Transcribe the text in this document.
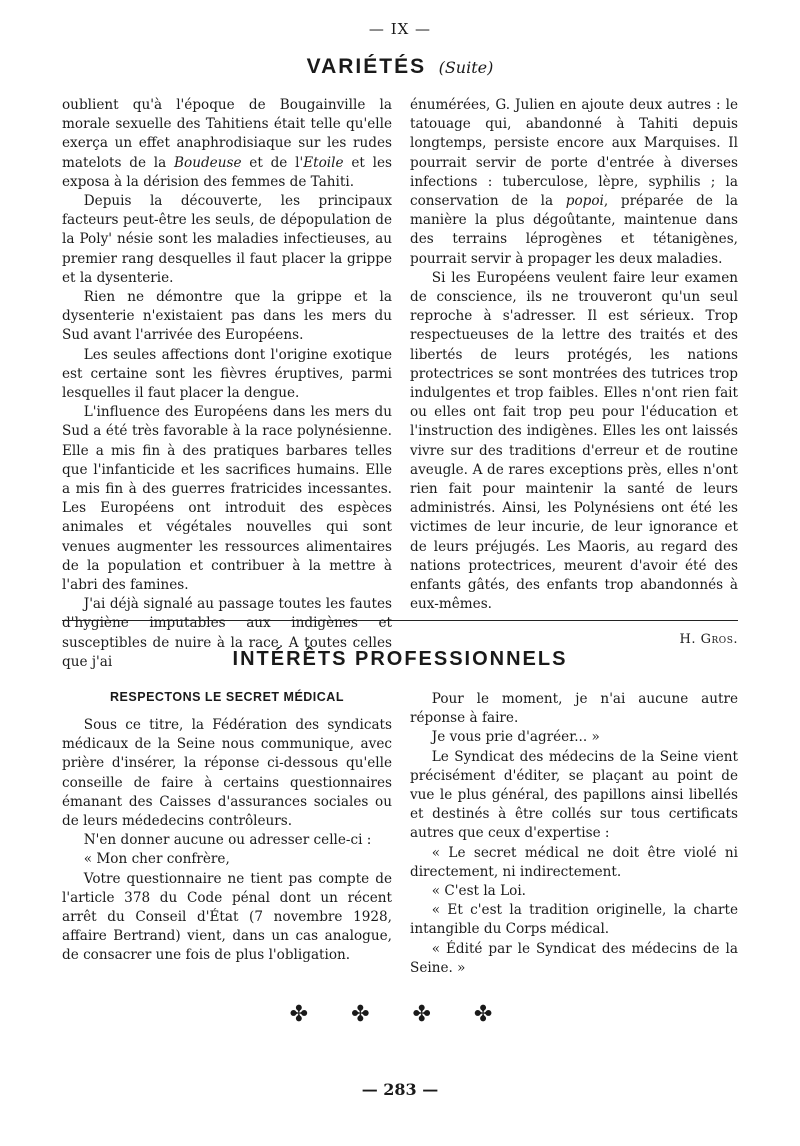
— IX —
VARIÉTÉS (Suite)

oublient qu'à l'époque de Bougainville la morale sexuelle des Tahitiens était telle qu'elle exerça un effet anaphrodisiaque sur les rudes matelots de la Boudeuse et de l'Etoile et les exposa à la dérision des femmes de Tahiti.

Depuis la découverte, les principaux facteurs peut-être les seuls, de dépopulation de la Poly' nésie sont les maladies infectieuses, au premier rang desquelles il faut placer la grippe et la dysenterie.

Rien ne démontre que la grippe et la dysenterie n'existaient pas dans les mers du Sud avant l'arrivée des Européens.

Les seules affections dont l'origine exotique est certaine sont les fièvres éruptives, parmi lesquelles il faut placer la dengue.

L'influence des Européens dans les mers du Sud a été très favorable à la race polynésienne. Elle a mis fin à des pratiques barbares telles que l'infanticide et les sacrifices humains. Elle a mis fin à des guerres fratricides incessantes. Les Européens ont introduit des espèces animales et végétales nouvelles qui sont venues augmenter les ressources alimentaires de la population et contribuer à la mettre à l'abri des famines.

J'ai déjà signalé au passage toutes les fautes d'hygiène imputables aux indigènes et susceptibles de nuire à la race. A toutes celles que j'ai

énumérées, G. Julien en ajoute deux autres : le tatouage qui, abandonné à Tahiti depuis longtemps, persiste encore aux Marquises. Il pourrait servir de porte d'entrée à diverses infections : tuberculose, lèpre, syphilis ; la conservation de la popoi, préparée de la manière la plus dégoûtante, maintenue dans des terrains léprogènes et tétanigènes, pourrait servir à propager les deux maladies.

Si les Européens veulent faire leur examen de conscience, ils ne trouveront qu'un seul reproche à s'adresser. Il est sérieux. Trop respectueuses de la lettre des traités et des libertés de leurs protégés, les nations protectrices se sont montrées des tutrices trop indulgentes et trop faibles. Elles n'ont rien fait ou elles ont fait trop peu pour l'éducation et l'instruction des indigènes. Elles les ont laissés vivre sur des traditions d'erreur et de routine aveugle. A de rares exceptions près, elles n'ont rien fait pour maintenir la santé de leurs administrés. Ainsi, les Polynésiens ont été les victimes de leur incurie, de leur ignorance et de leurs préjugés. Les Maoris, au regard des nations protectrices, meurent d'avoir été des enfants gâtés, des enfants trop abandonnés à eux-mêmes.

H. Gros.
INTÉRÊTS PROFESSIONNELS
RESPECTONS LE SECRET MÉDICAL

Sous ce titre, la Fédération des syndicats médicaux de la Seine nous communique, avec prière d'insérer, la réponse ci-dessous qu'elle conseille de faire à certains questionnaires émanant des Caisses d'assurances sociales ou de leurs médedecins contrôleurs.

N'en donner aucune ou adresser celle-ci :

« Mon cher confrère,

Votre questionnaire ne tient pas compte de l'article 378 du Code pénal dont un récent arrêt du Conseil d'État (7 novembre 1928, affaire Bertrand) vient, dans un cas analogue, de consacrer une fois de plus l'obligation.

Pour le moment, je n'ai aucune autre réponse à faire.

Je vous prie d'agréer... »

Le Syndicat des médecins de la Seine vient précisément d'éditer, se plaçant au point de vue le plus général, des papillons ainsi libellés et destinés à être collés sur tous certificats autres que ceux d'expertise :

« Le secret médical ne doit être violé ni directement, ni indirectement.

« C'est la Loi.

« Et c'est la tradition originelle, la charte intangible du Corps médical.

« Édité par le Syndicat des médecins de la Seine. »

✤ ✤ ✤ ✤
— 283 —
